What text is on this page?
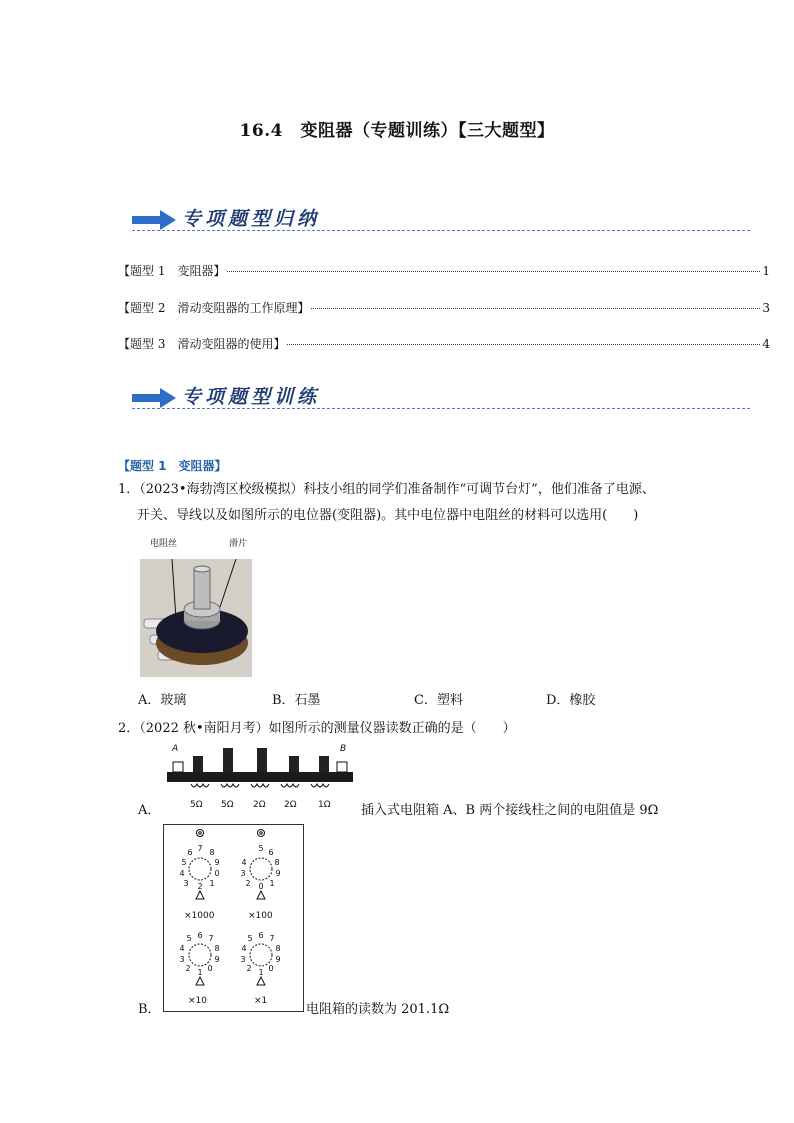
16.4　变阻器（专题训练）【三大题型】
专项题型归纳
【题型 1　变阻器】	1
【题型 2　滑动变阻器的工作原理】	3
【题型 3　滑动变阻器的使用】	4
专项题型训练
【题型 1　变阻器】
1．（2023•海勃湾区校级模拟）科技小组的同学们准备制作“可调节台灯”，他们准备了电源、
开关、导线以及如图所示的电位器(变阻器)。其中电位器中电阻丝的材料可以选用(　　)
电阻丝	滑片
A．玻璃	B．石墨	C．塑料	D．橡胶
2．（2022 秋•南阳月考）如图所示的测量仪器读数正确的是（　　）
A．
A	B
5Ω 5Ω 2Ω 2Ω 1Ω 插入式电阻箱 A、B 两个接线柱之间的电阻值是 9Ω
7 8
9
0
1
2
3
4
5
6	5 6
8
9
1
0
2
3
4
6 7
8
9
0
1
2
3
4
5	6 7
8
9
0
1
2
3
4
5
×1000	×100
×10	×1
B．	电阻箱的读数为 201.1Ω
